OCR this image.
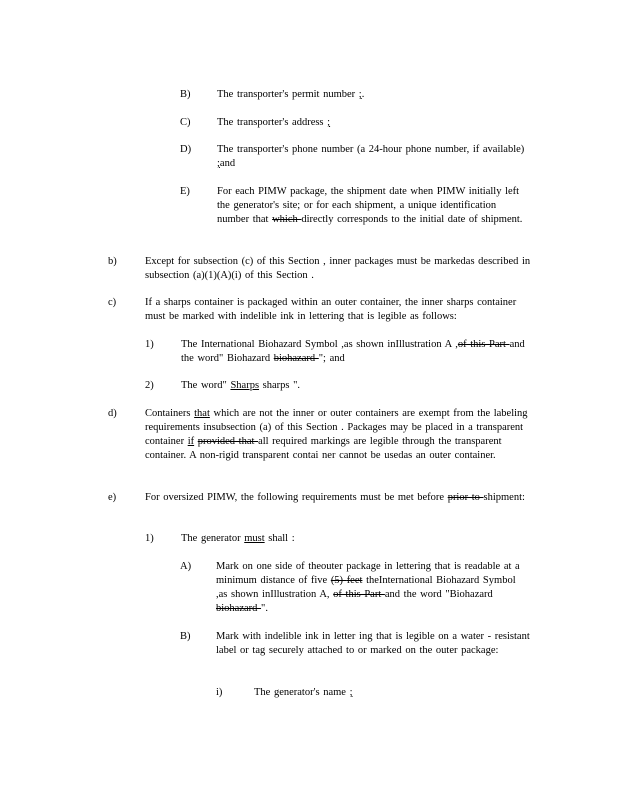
B)	The transporter's permit number ;.
C)	The transporter's address ;
D)	The transporter's phone number (a 24-hour phone number, if available) ;and
E)	For each PIMW package, the shipment date when PIMW initially left the generator's site; or for each shipment, a unique identification number that which directly corresponds to the initial date of shipment.
b)	Except for subsection (c) of this Section , inner packages must be markedas described in subsection (a)(1)(A)(i) of this Section .
c)	If a sharps container is packaged within an outer container, the inner sharps container must be marked with indelible ink in lettering that is legible as follows:
1)	The International Biohazard Symbol ,as shown inIllustration A ,of this Part and the word" Biohazard biohazard "; and
2)	The word" Sharps sharps ".
d)	Containers that which are not the inner or outer containers are exempt from the labeling requirements insubsection (a) of this Section . Packages may be placed in a transparent container if provided that all required markings are legible through the transparent container. A non-rigid transparent contai ner cannot be usedas an outer container.
e)	For oversized PIMW, the following requirements must be met before prior to shipment:
1)	The generator must shall :
A)	Mark on one side of theouter package in lettering that is readable at a minimum distance of five (5) feet theInternational Biohazard Symbol ,as shown inIllustration A, of this Part and the word "Biohazard biohazard ".
B)	Mark with indelible ink in letter ing that is legible on a water - resistant label or tag securely attached to or marked on the outer package:
i)	The generator's name ;
